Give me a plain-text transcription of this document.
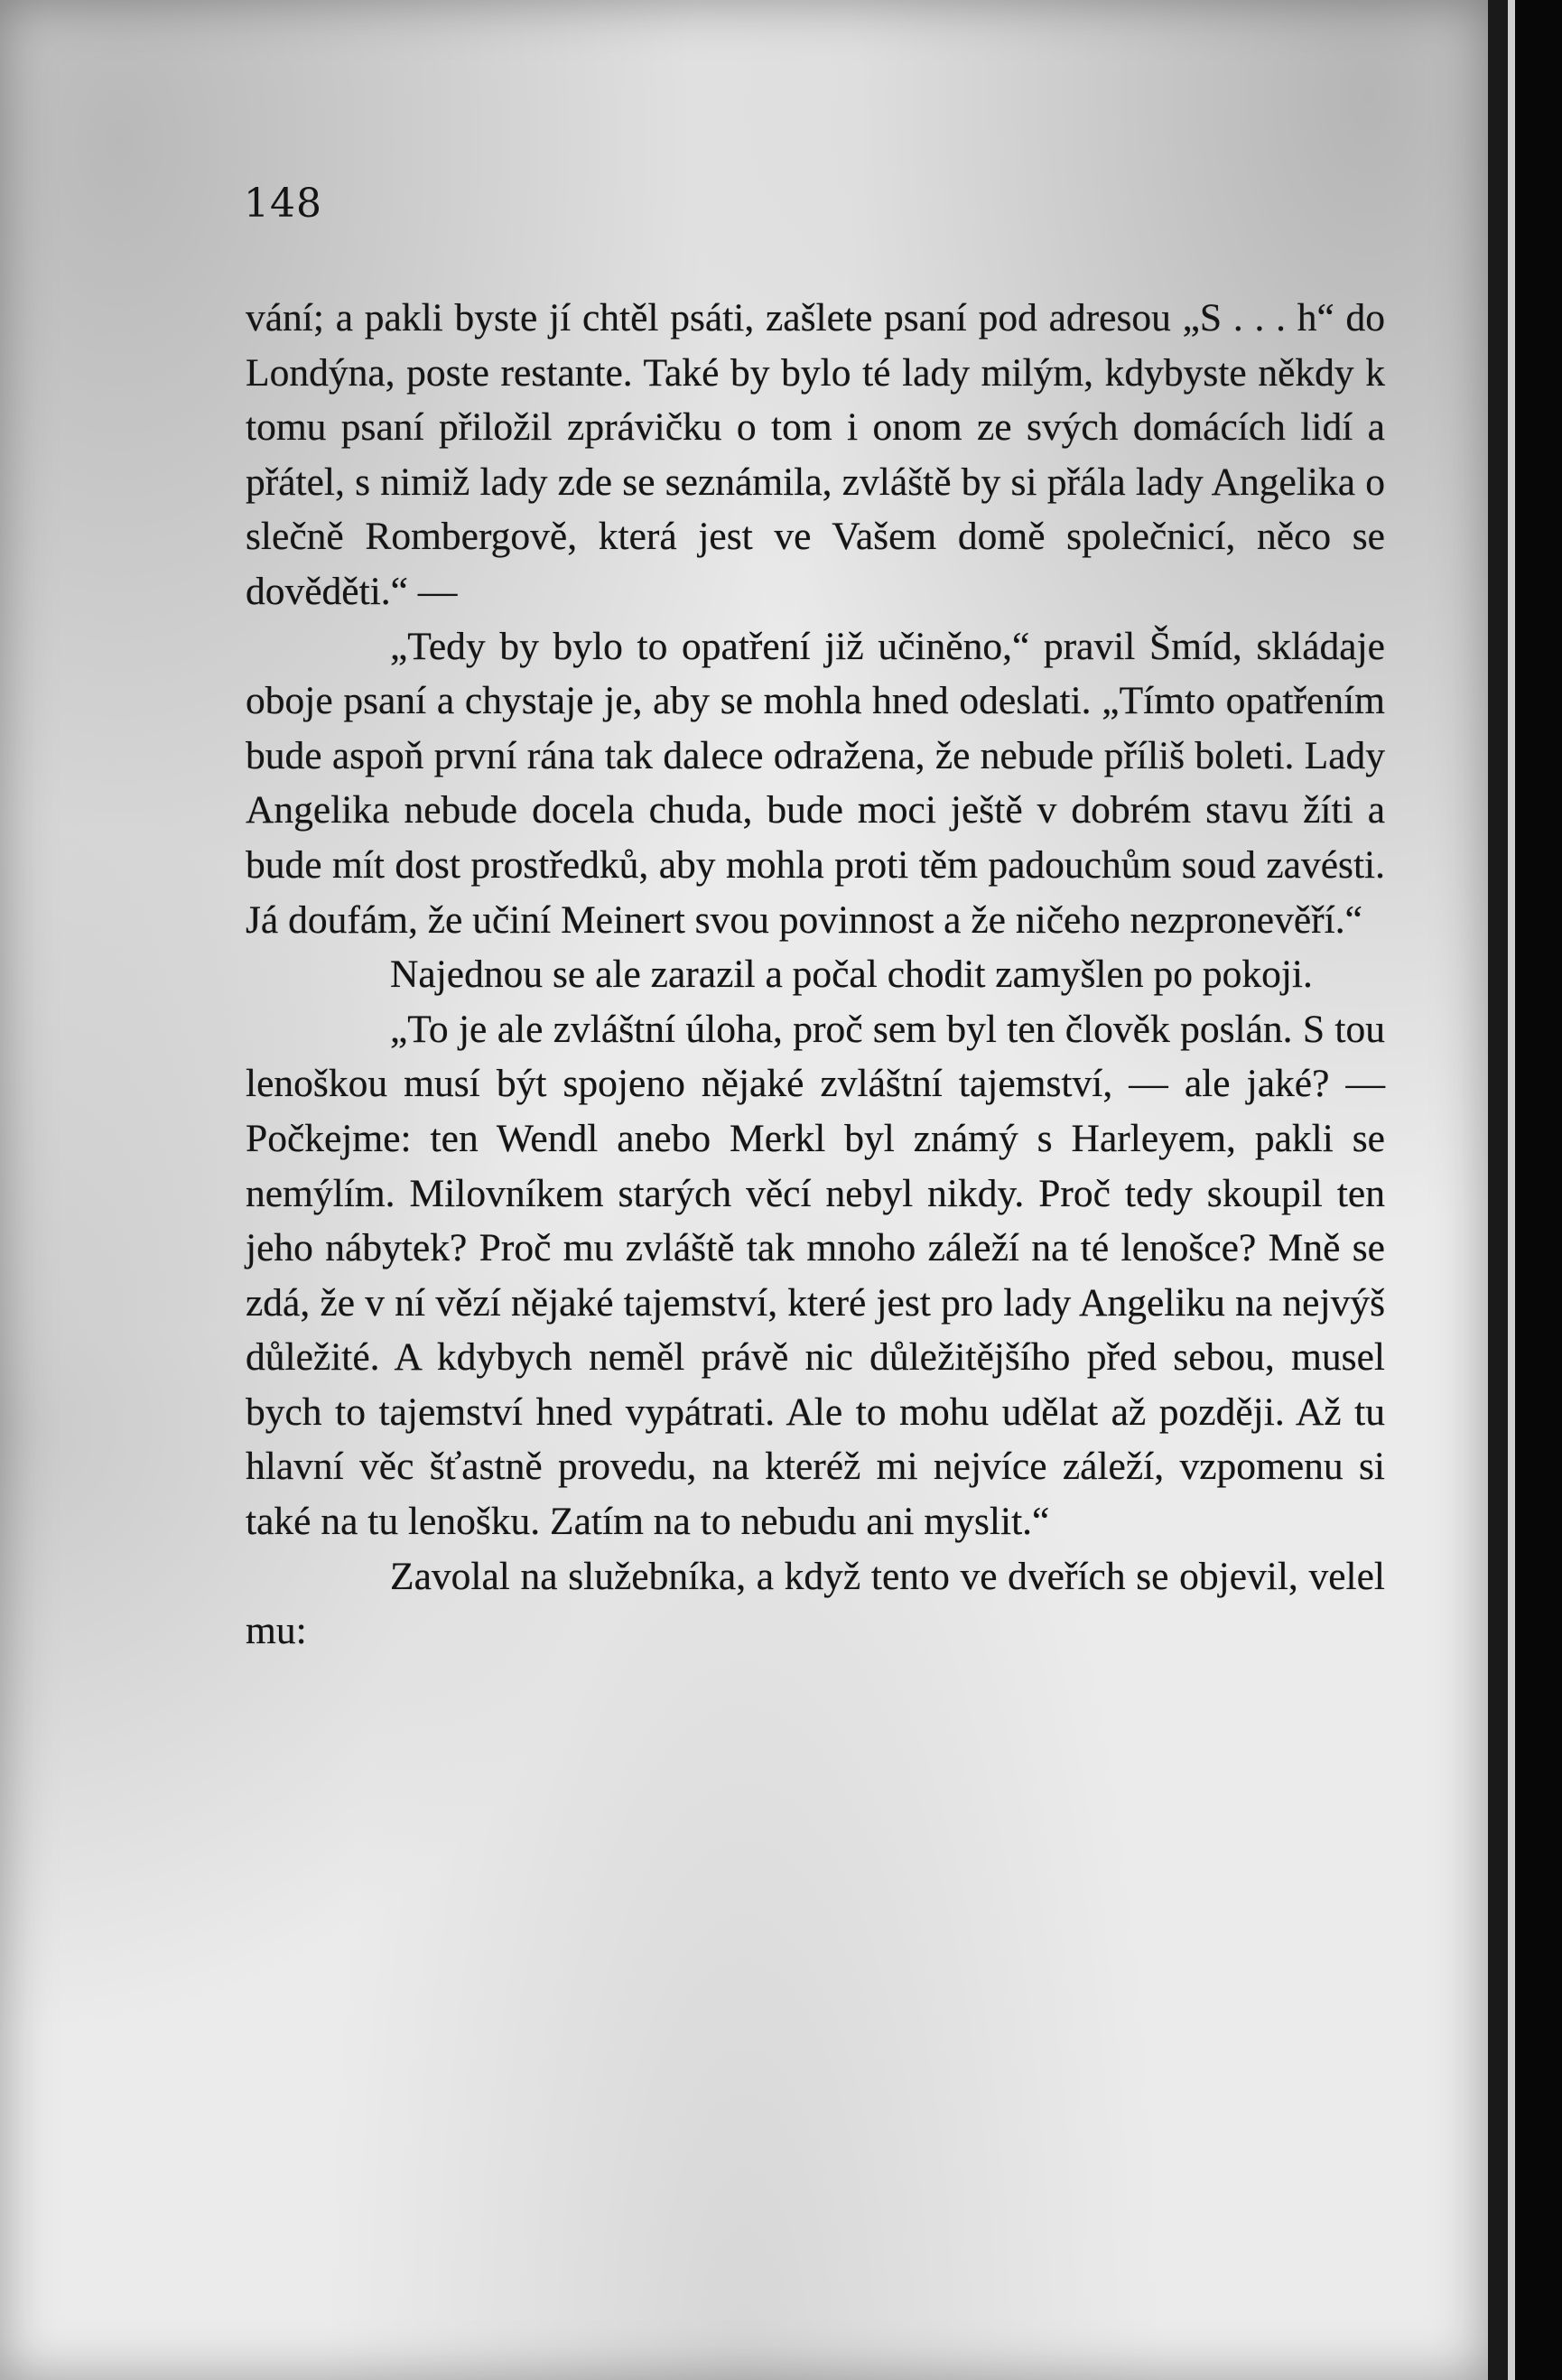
148

vání; a pakli byste jí chtěl psáti, zašlete psaní pod adresou „S . . . h“ do Londýna, poste restante. Také by bylo té lady milým, kdybyste někdy k tomu psaní přiložil zprávičku o tom i onom ze svých domácích lidí a přátel, s nimiž lady zde se seznámila, zvláště by si přála lady Angelika o slečně Rombergově, která jest ve Vašem domě společnicí, něco se dověděti.“ —

„Tedy by bylo to opatření již učiněno,“ pravil Šmíd, skládaje oboje psaní a chystaje je, aby se mohla hned odeslati. „Tímto opatřením bude aspoň první rána tak dalece odražena, že nebude příliš boleti. Lady Angelika nebude docela chuda, bude moci ještě v dobrém stavu žíti a bude mít dost prostředků, aby mohla proti těm padouchům soud zavésti. Já doufám, že učiní Meinert svou povinnost a že ničeho nezpronevěří.“

Najednou se ale zarazil a počal chodit zamyšlen po pokoji.

„To je ale zvláštní úloha, proč sem byl ten člověk poslán. S tou lenoškou musí být spojeno nějaké zvláštní tajemství, — ale jaké? — Počkejme: ten Wendl anebo Merkl byl známý s Harleyem, pakli se nemýlím. Milovníkem starých věcí nebyl nikdy. Proč tedy skoupil ten jeho nábytek? Proč mu zvláště tak mnoho záleží na té lenošce? Mně se zdá, že v ní vězí nějaké tajemství, které jest pro lady Angeliku na nejvýš důležité. A kdybych neměl právě nic důležitějšího před sebou, musel bych to tajemství hned vypátrati. Ale to mohu udělat až později. Až tu hlavní věc šťastně provedu, na kteréž mi nejvíce záleží, vzpomenu si také na tu lenošku. Zatím na to nebudu ani myslit.“

Zavolal na služebníka, a když tento ve dveřích se objevil, velel mu:
